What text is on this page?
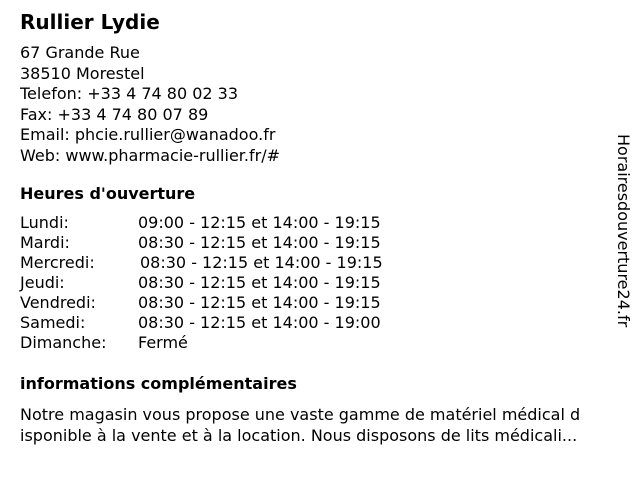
Rullier Lydie
67 Grande Rue
38510 Morestel
Telefon: +33 4 74 80 02 33
Fax: +33 4 74 80 07 89
Email: phcie.rullier@wanadoo.fr
Web: www.pharmacie-rullier.fr/#
Heures d'ouverture
Lundi:	09:00 - 12:15 et 14:00 - 19:15
Mardi:	08:30 - 12:15 et 14:00 - 19:15
Mercredi:	08:30 - 12:15 et 14:00 - 19:15
Jeudi:	08:30 - 12:15 et 14:00 - 19:15
Vendredi:	08:30 - 12:15 et 14:00 - 19:15
Samedi:	08:30 - 12:15 et 14:00 - 19:00
Dimanche: Fermé
informations complémentaires
Notre magasin vous propose une vaste gamme de matériel médical d
isponible à la vente et à la location. Nous disposons de lits médicali...
Horairesdouverture24.fr
